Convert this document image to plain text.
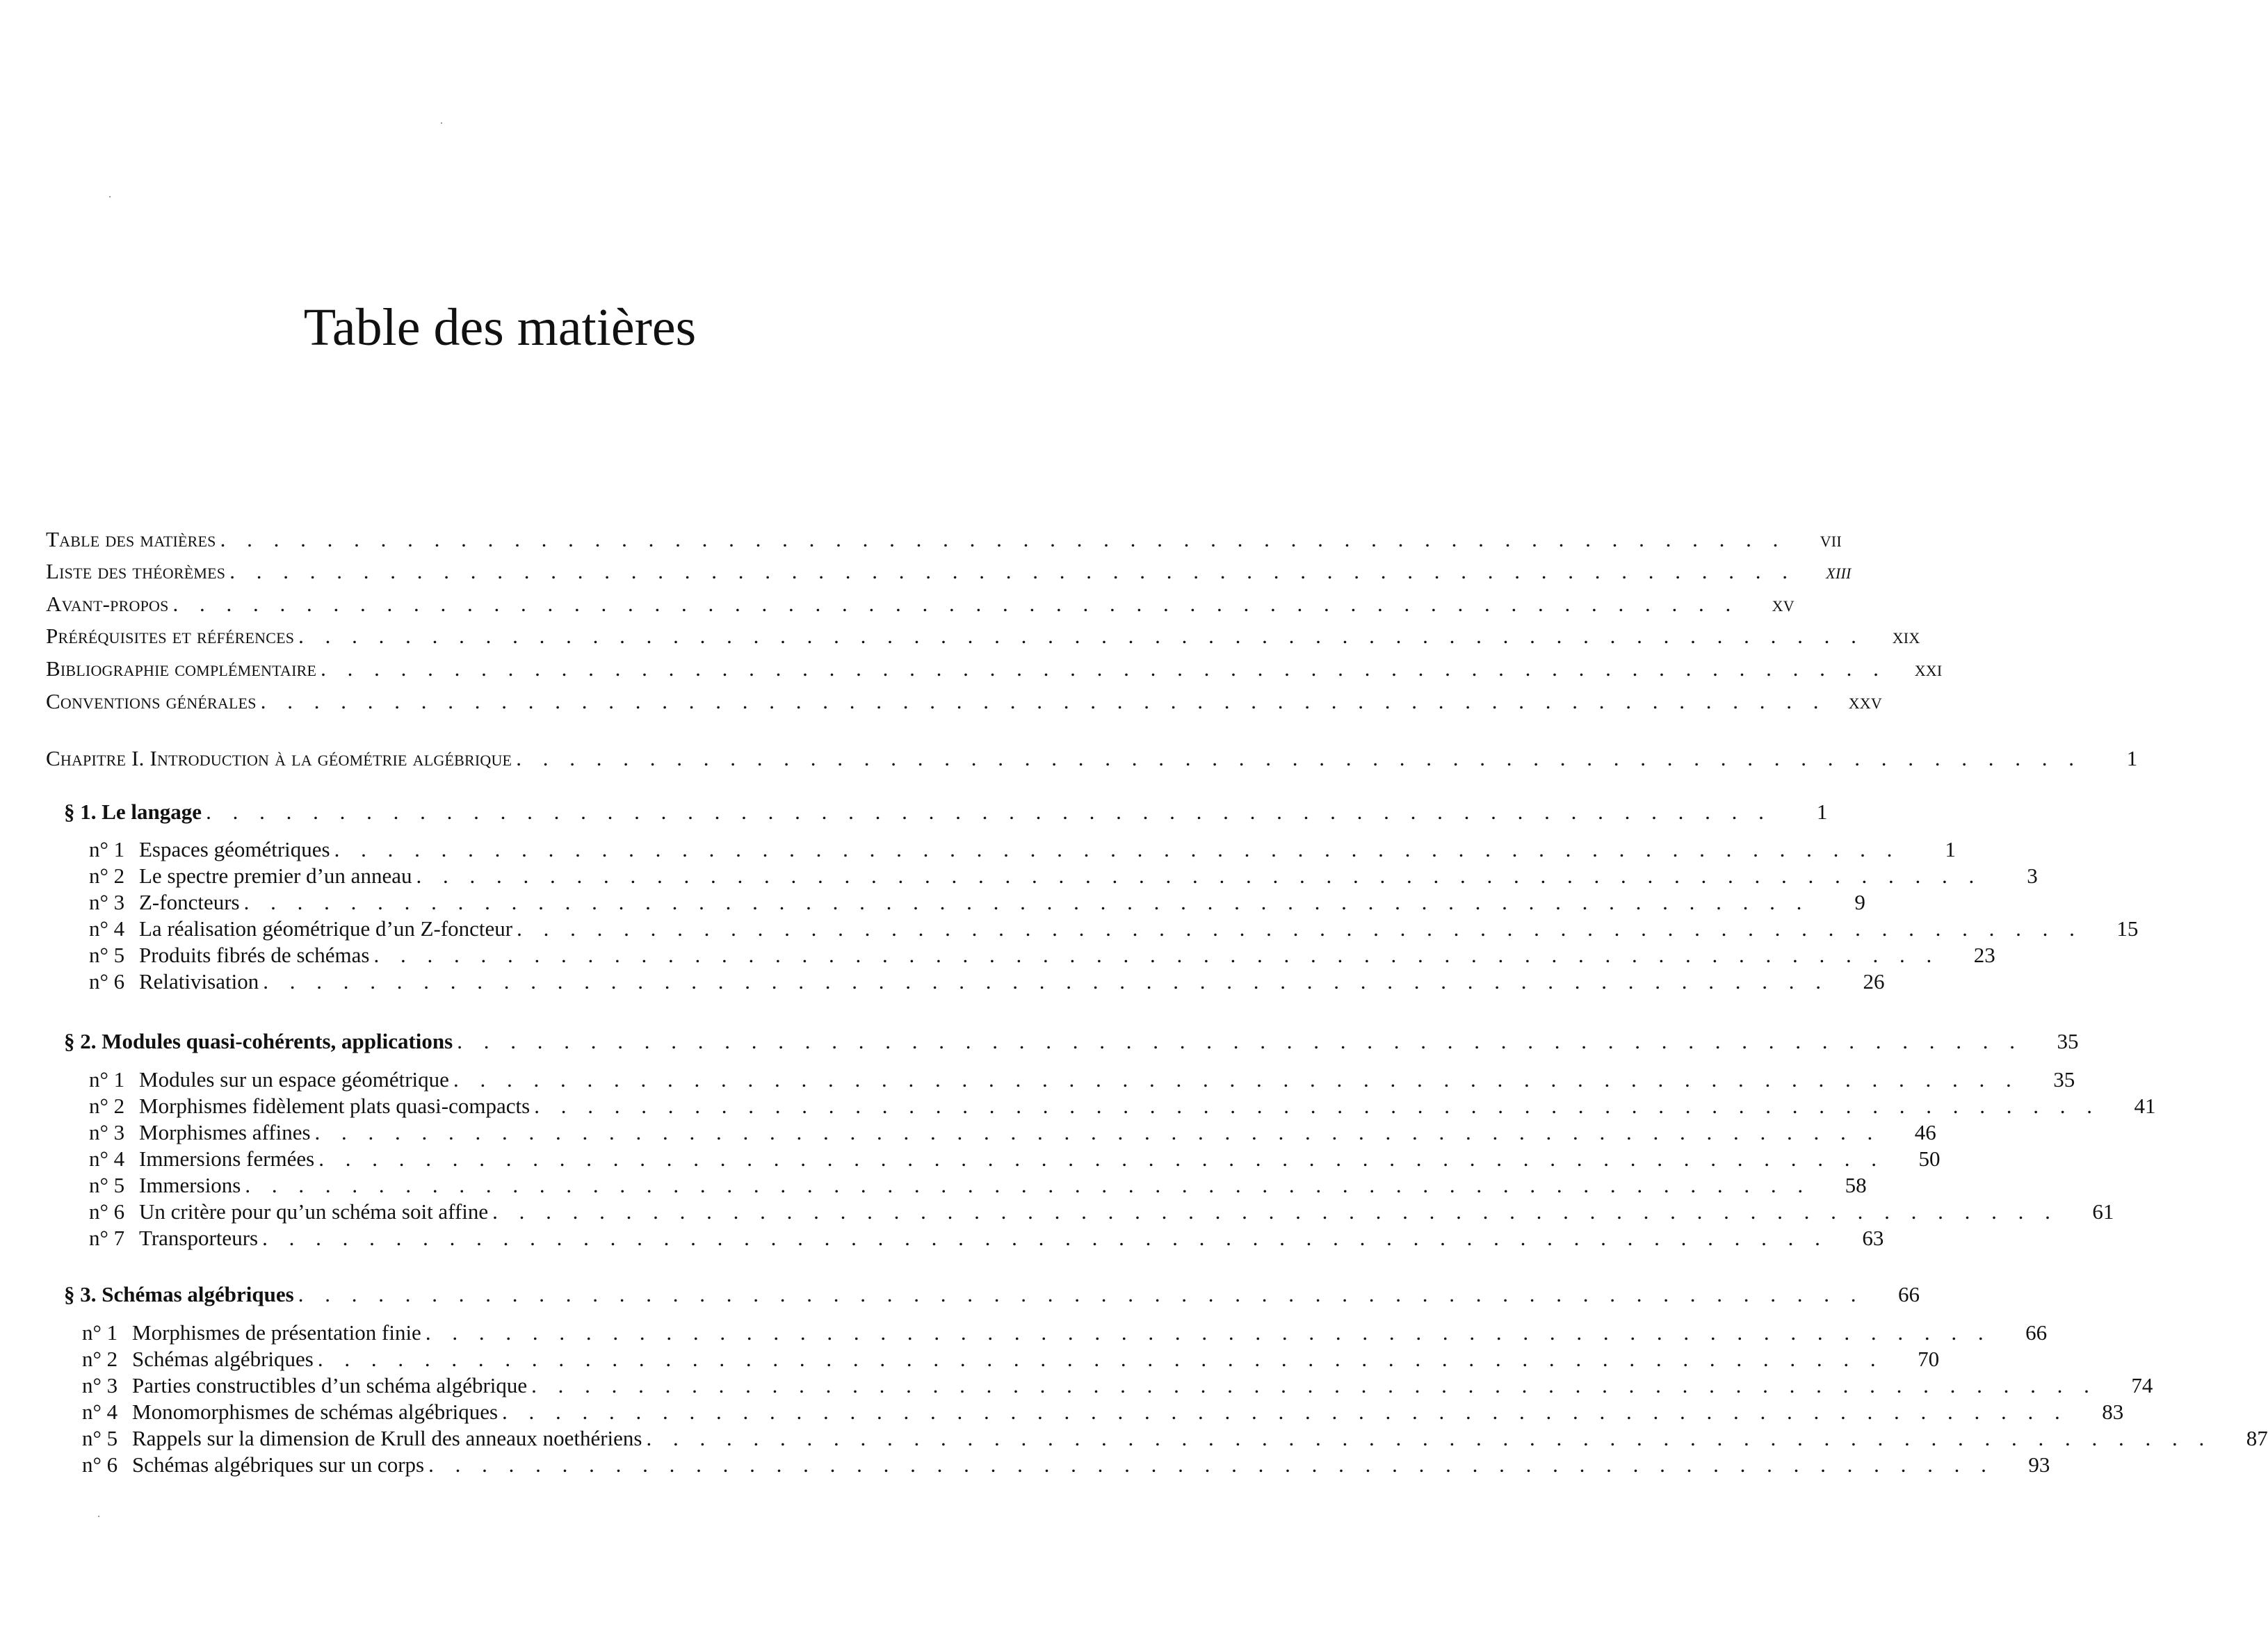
Table des matières
Table des matières . . . . . . . . . . . . . . . . . . . . . . . . . . . . . . . . . . . . . . . . . . . . . . . . . . . . . . . . . . .	vii
Liste des théorèmes . . . . . . . . . . . . . . . . . . . . . . . . . . . . . . . . . . . . . . . . . . . . . . . . . . . . . . . . . . .	xiii
Avant-propos . . . . . . . . . . . . . . . . . . . . . . . . . . . . . . . . . . . . . . . . . . . . . . . . . . . . . . . . . . .	xv
Préréquisites et références . . . . . . . . . . . . . . . . . . . . . . . . . . . . . . . . . . . . . . . . . . . . . . . . . . . . . . . . . . .	xix
Bibliographie complémentaire . . . . . . . . . . . . . . . . . . . . . . . . . . . . . . . . . . . . . . . . . . . . . . . . . . . . . . . . . . .	xxi
Conventions générales . . . . . . . . . . . . . . . . . . . . . . . . . . . . . . . . . . . . . . . . . . . . . . . . . . . . . . . . . . .	xxv
Chapitre I. Introduction à la géométrie algébrique . . . . . . . . . . . . . . . . . . . . . . . . . . . . . . . . . . . . . . . . . . . . . . . . . . . . . . . . . . .	1
§ 1. Le langage . . . . . . . . . . . . . . . . . . . . . . . . . . . . . . . . . . . . . . . . . . . . . . . . . . . . . . . . . . .	1
n° 1 Espaces géométriques . . . . . . . . . . . . . . . . . . . . . . . . . . . . . . . . . . . . . . . . . . . . . . . . . . . . . . . . . . .	1
n° 2 Le spectre premier d’un anneau . . . . . . . . . . . . . . . . . . . . . . . . . . . . . . . . . . . . . . . . . . . . . . . . . . . . . . . . . . .	3
n° 3 Z-foncteurs . . . . . . . . . . . . . . . . . . . . . . . . . . . . . . . . . . . . . . . . . . . . . . . . . . . . . . . . . . .	9
n° 4 La réalisation géométrique d’un Z-foncteur . . . . . . . . . . . . . . . . . . . . . . . . . . . . . . . . . . . . . . . . . . . . . . . . . . . . . . . . . . .	15
n° 5 Produits fibrés de schémas . . . . . . . . . . . . . . . . . . . . . . . . . . . . . . . . . . . . . . . . . . . . . . . . . . . . . . . . . . .	23
n° 6 Relativisation . . . . . . . . . . . . . . . . . . . . . . . . . . . . . . . . . . . . . . . . . . . . . . . . . . . . . . . . . . .	26
§ 2. Modules quasi-cohérents, applications . . . . . . . . . . . . . . . . . . . . . . . . . . . . . . . . . . . . . . . . . . . . . . . . . . . . . . . . . . .	35
n° 1 Modules sur un espace géométrique . . . . . . . . . . . . . . . . . . . . . . . . . . . . . . . . . . . . . . . . . . . . . . . . . . . . . . . . . . .	35
n° 2 Morphismes fidèlement plats quasi-compacts . . . . . . . . . . . . . . . . . . . . . . . . . . . . . . . . . . . . . . . . . . . . . . . . . . . . . . . . . . .	41
n° 3 Morphismes affines . . . . . . . . . . . . . . . . . . . . . . . . . . . . . . . . . . . . . . . . . . . . . . . . . . . . . . . . . . .	46
n° 4 Immersions fermées . . . . . . . . . . . . . . . . . . . . . . . . . . . . . . . . . . . . . . . . . . . . . . . . . . . . . . . . . . .	50
n° 5 Immersions . . . . . . . . . . . . . . . . . . . . . . . . . . . . . . . . . . . . . . . . . . . . . . . . . . . . . . . . . . .	58
n° 6 Un critère pour qu’un schéma soit affine . . . . . . . . . . . . . . . . . . . . . . . . . . . . . . . . . . . . . . . . . . . . . . . . . . . . . . . . . . .	61
n° 7 Transporteurs . . . . . . . . . . . . . . . . . . . . . . . . . . . . . . . . . . . . . . . . . . . . . . . . . . . . . . . . . . .	63
§ 3. Schémas algébriques . . . . . . . . . . . . . . . . . . . . . . . . . . . . . . . . . . . . . . . . . . . . . . . . . . . . . . . . . . .	66
n° 1 Morphismes de présentation finie . . . . . . . . . . . . . . . . . . . . . . . . . . . . . . . . . . . . . . . . . . . . . . . . . . . . . . . . . . .	66
n° 2 Schémas algébriques . . . . . . . . . . . . . . . . . . . . . . . . . . . . . . . . . . . . . . . . . . . . . . . . . . . . . . . . . . .	70
n° 3 Parties constructibles d’un schéma algébrique . . . . . . . . . . . . . . . . . . . . . . . . . . . . . . . . . . . . . . . . . . . . . . . . . . . . . . . . . . .	74
n° 4 Monomorphismes de schémas algébriques . . . . . . . . . . . . . . . . . . . . . . . . . . . . . . . . . . . . . . . . . . . . . . . . . . . . . . . . . . .	83
n° 5 Rappels sur la dimension de Krull des anneaux noethériens . . . . . . . . . . . . . . . . . . . . . . . . . . . . . . . . . . . . . . . . . . . . . . . . . . . . . . . . . . .	87
n° 6 Schémas algébriques sur un corps . . . . . . . . . . . . . . . . . . . . . . . . . . . . . . . . . . . . . . . . . . . . . . . . . . . . . . . . . . .	93
